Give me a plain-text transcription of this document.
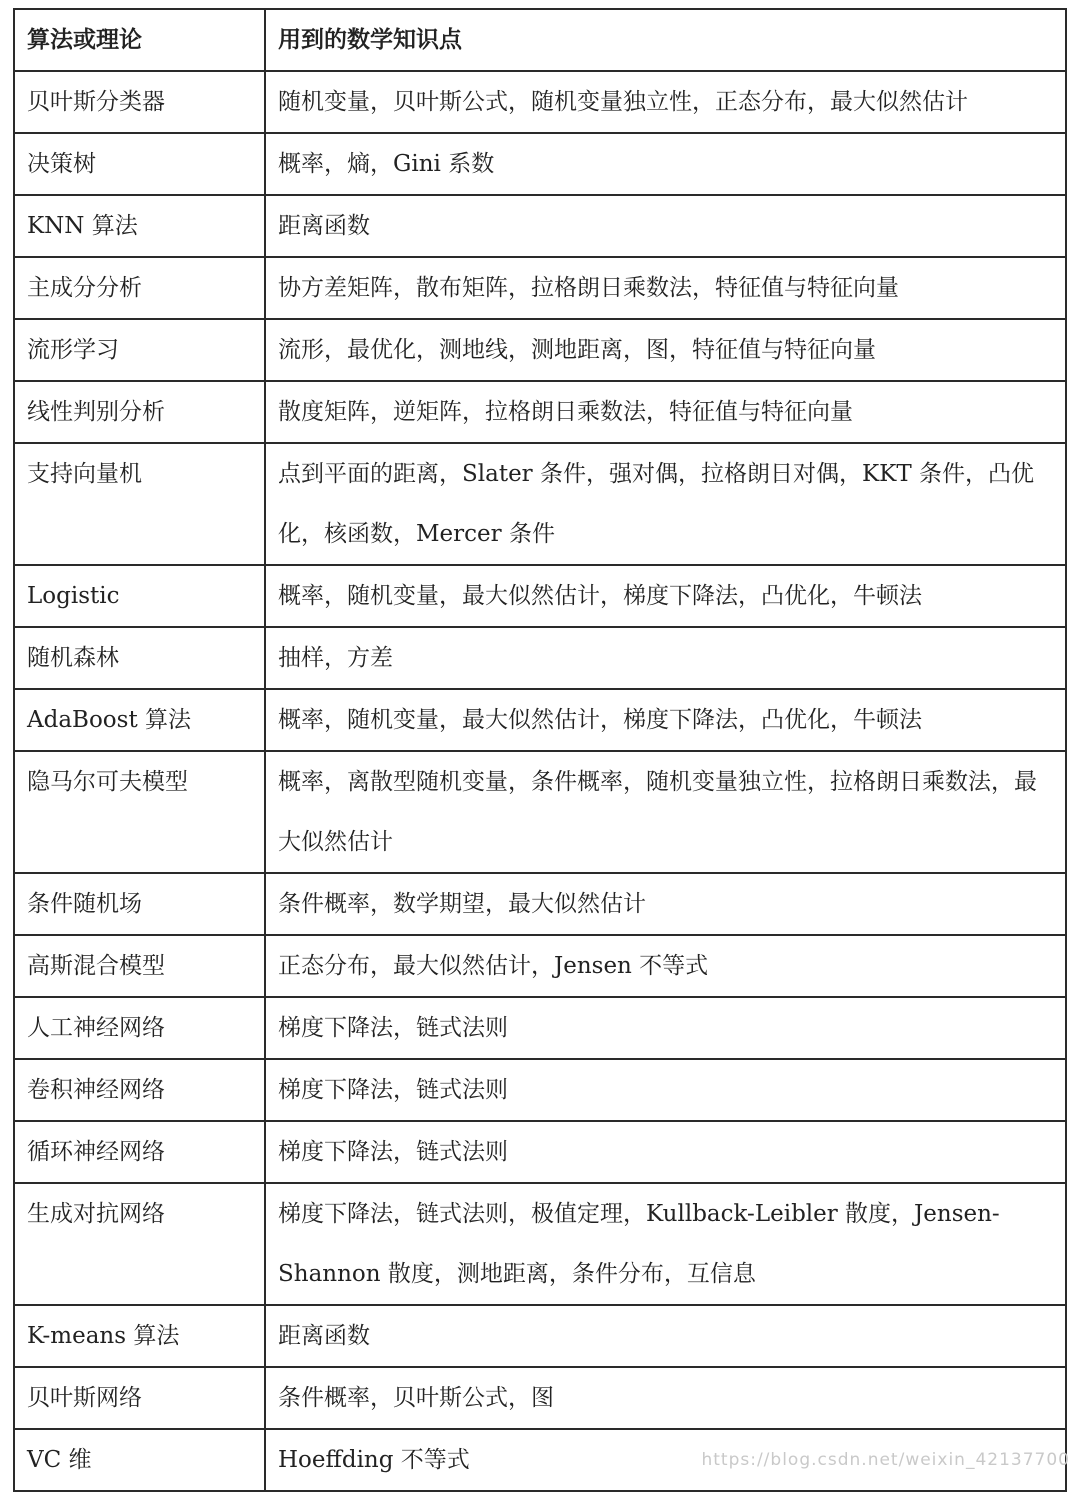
算法或理论	用到的数学知识点
贝叶斯分类器	随机变量，贝叶斯公式，随机变量独立性，正态分布，最大似然估计
决策树	概率，熵，Gini 系数
KNN 算法	距离函数
主成分分析	协方差矩阵，散布矩阵，拉格朗日乘数法，特征值与特征向量
流形学习	流形，最优化，测地线，测地距离，图，特征值与特征向量
线性判别分析	散度矩阵，逆矩阵，拉格朗日乘数法，特征值与特征向量
支持向量机	点到平面的距离，Slater 条件，强对偶，拉格朗日对偶，KKT 条件，凸优化，核函数，Mercer 条件
Logistic	概率，随机变量，最大似然估计，梯度下降法，凸优化，牛顿法
随机森林	抽样，方差
AdaBoost 算法	概率，随机变量，最大似然估计，梯度下降法，凸优化，牛顿法
隐马尔可夫模型	概率，离散型随机变量，条件概率，随机变量独立性，拉格朗日乘数法，最大似然估计
条件随机场	条件概率，数学期望，最大似然估计
高斯混合模型	正态分布，最大似然估计，Jensen 不等式
人工神经网络	梯度下降法，链式法则
卷积神经网络	梯度下降法，链式法则
循环神经网络	梯度下降法，链式法则
生成对抗网络	梯度下降法，链式法则，极值定理，Kullback-Leibler 散度，Jensen-Shannon 散度，测地距离，条件分布，互信息
K-means 算法	距离函数
贝叶斯网络	条件概率，贝叶斯公式，图
VC 维	Hoeffding 不等式	https://blog.csdn.net/weixin_42137700
